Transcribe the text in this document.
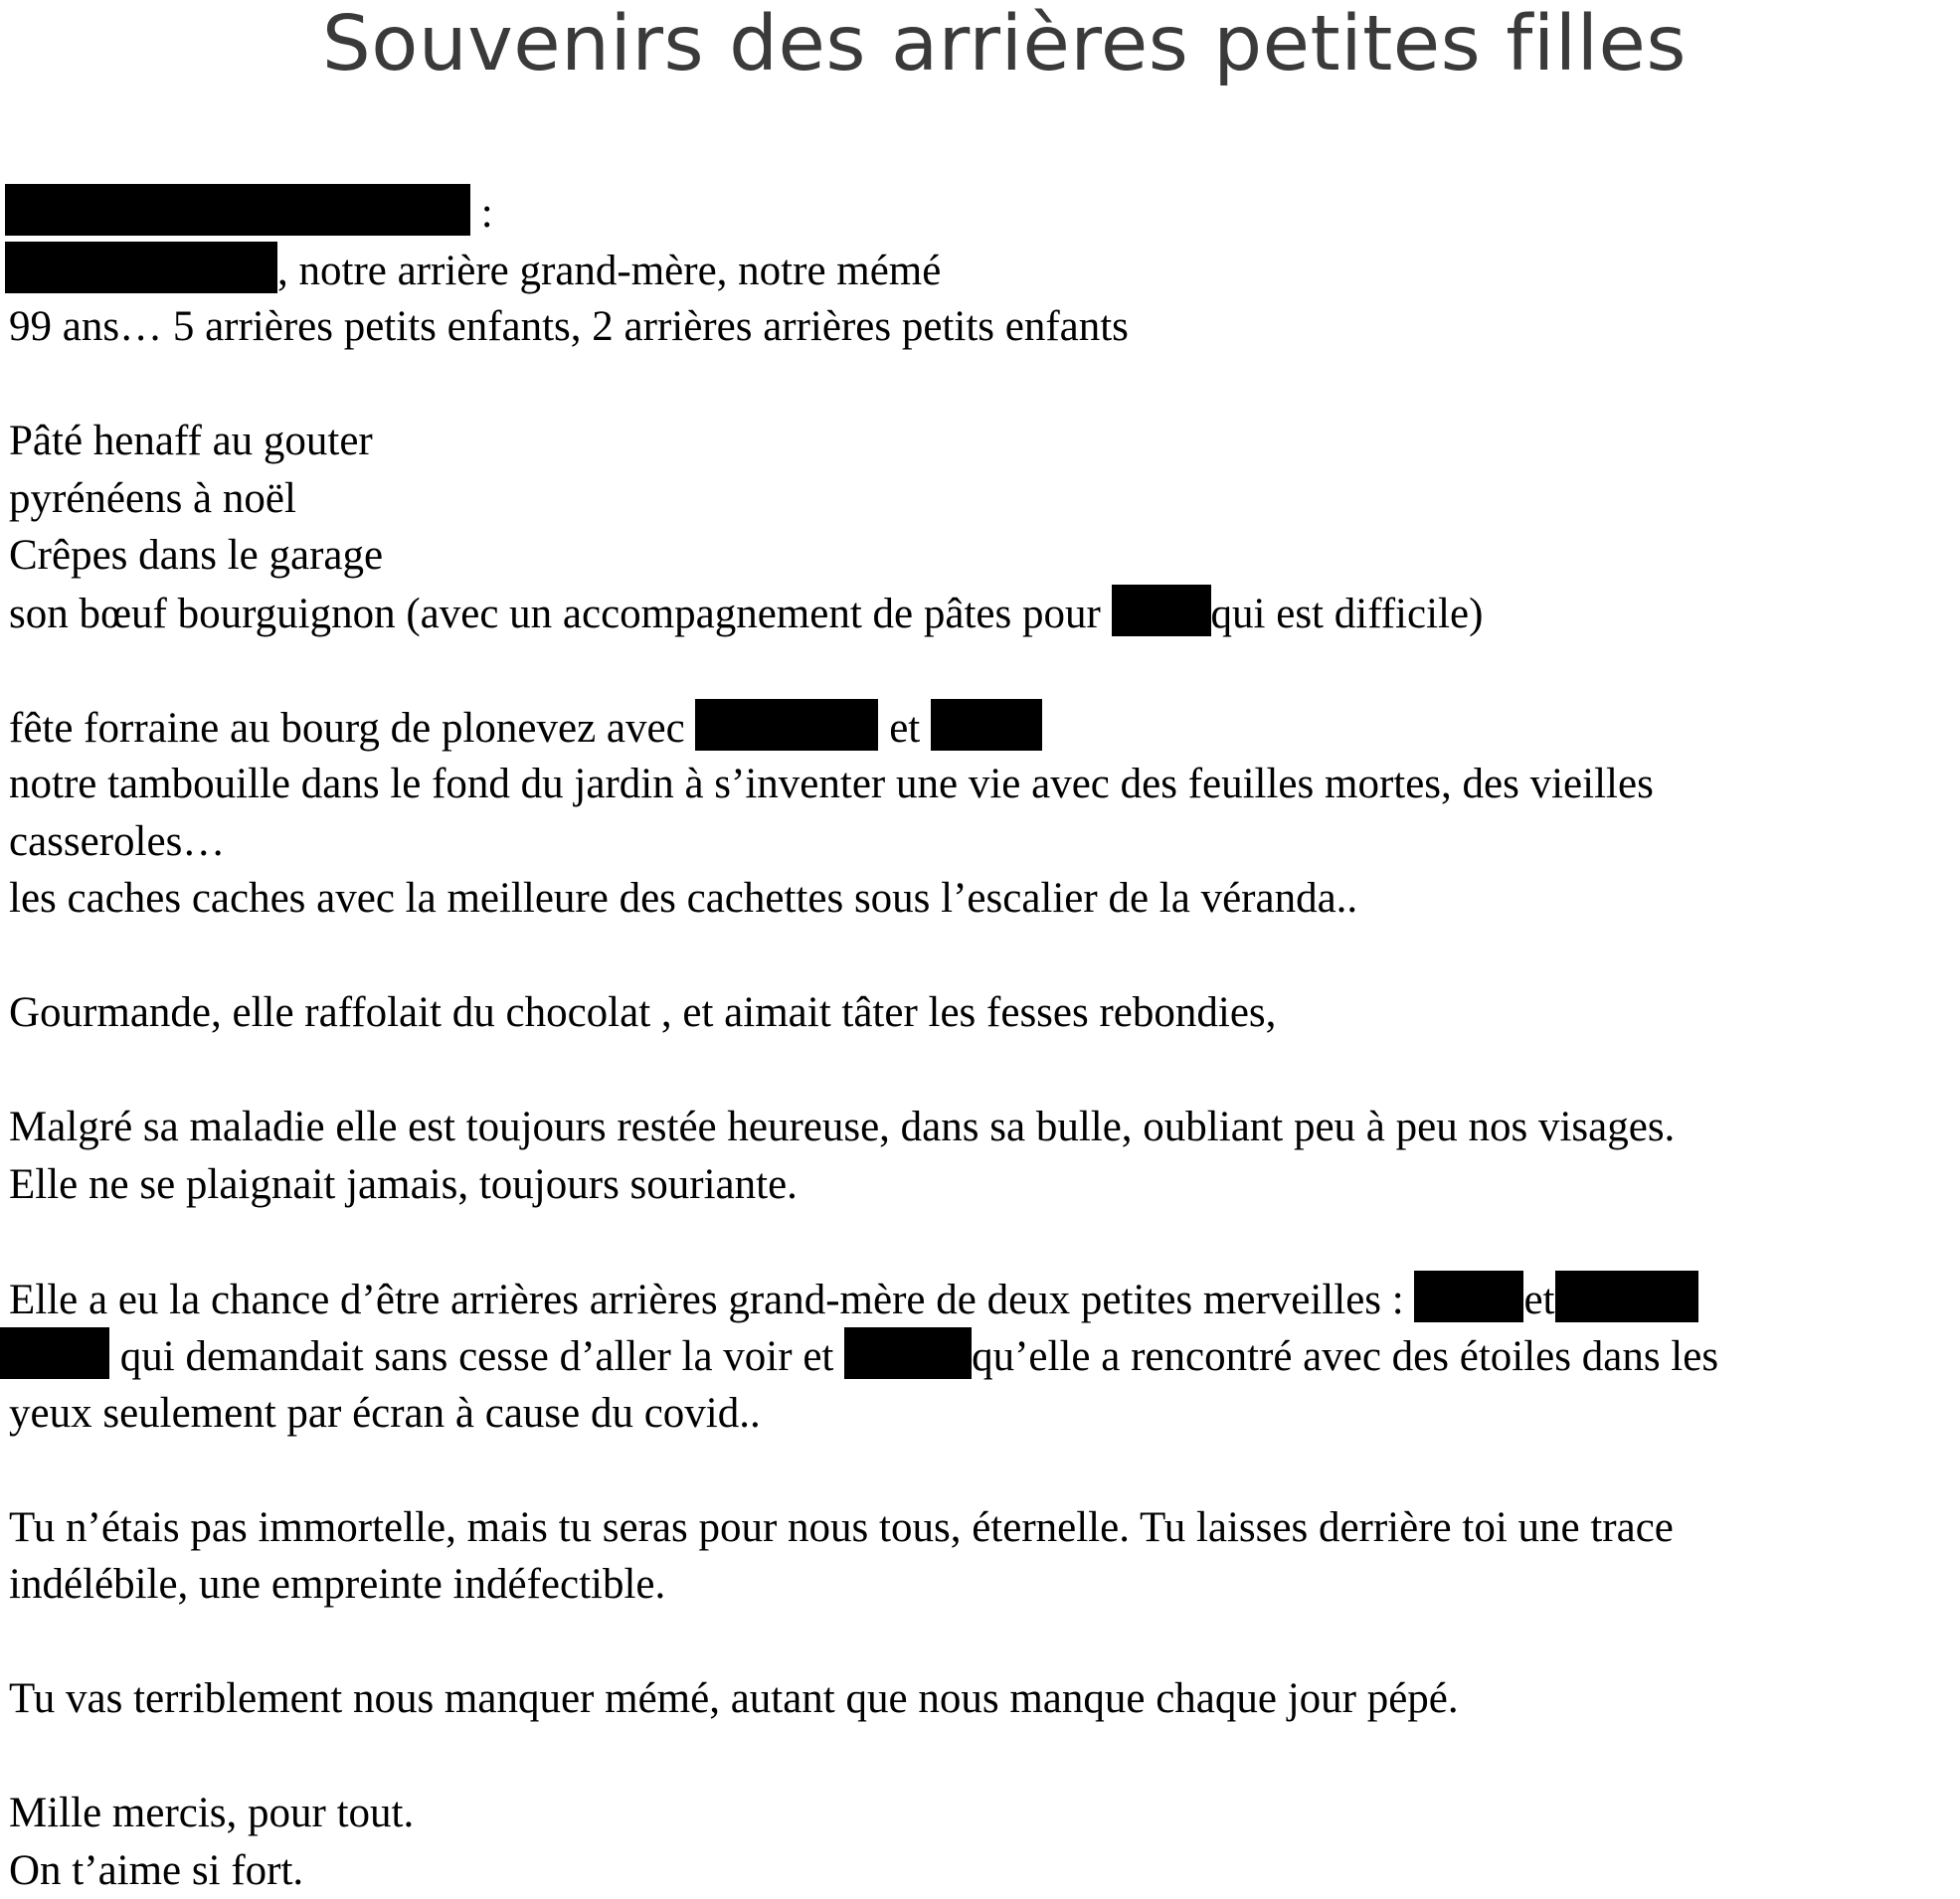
Souvenirs des arrières petites filles
:
, notre arrière grand-mère, notre mémé
99 ans… 5 arrières petits enfants, 2 arrières arrières petits enfants
Pâté henaff au gouter
pyrénéens à noël
Crêpes dans le garage
son bœuf bourguignon (avec un accompagnement de pâtes pour qui est difficile)
fête forraine au bourg de plonevez avec	et
notre tambouille dans le fond du jardin à s’inventer une vie avec des feuilles mortes, des vieilles
casseroles…
les caches caches avec la meilleure des cachettes sous l’escalier de la véranda..
Gourmande, elle raffolait du chocolat , et aimait tâter les fesses rebondies,
Malgré sa maladie elle est toujours restée heureuse, dans sa bulle, oubliant peu à peu nos visages.
Elle ne se plaignait jamais, toujours souriante.
Elle a eu la chance d’être arrières arrières grand-mère de deux petites merveilles :	et
qui demandait sans cesse d’aller la voir et	qu’elle a rencontré avec des étoiles dans les
yeux seulement par écran à cause du covid..
Tu n’étais pas immortelle, mais tu seras pour nous tous, éternelle. Tu laisses derrière toi une trace
indélébile, une empreinte indéfectible.
Tu vas terriblement nous manquer mémé, autant que nous manque chaque jour pépé.
Mille mercis, pour tout.
On t’aime si fort.
